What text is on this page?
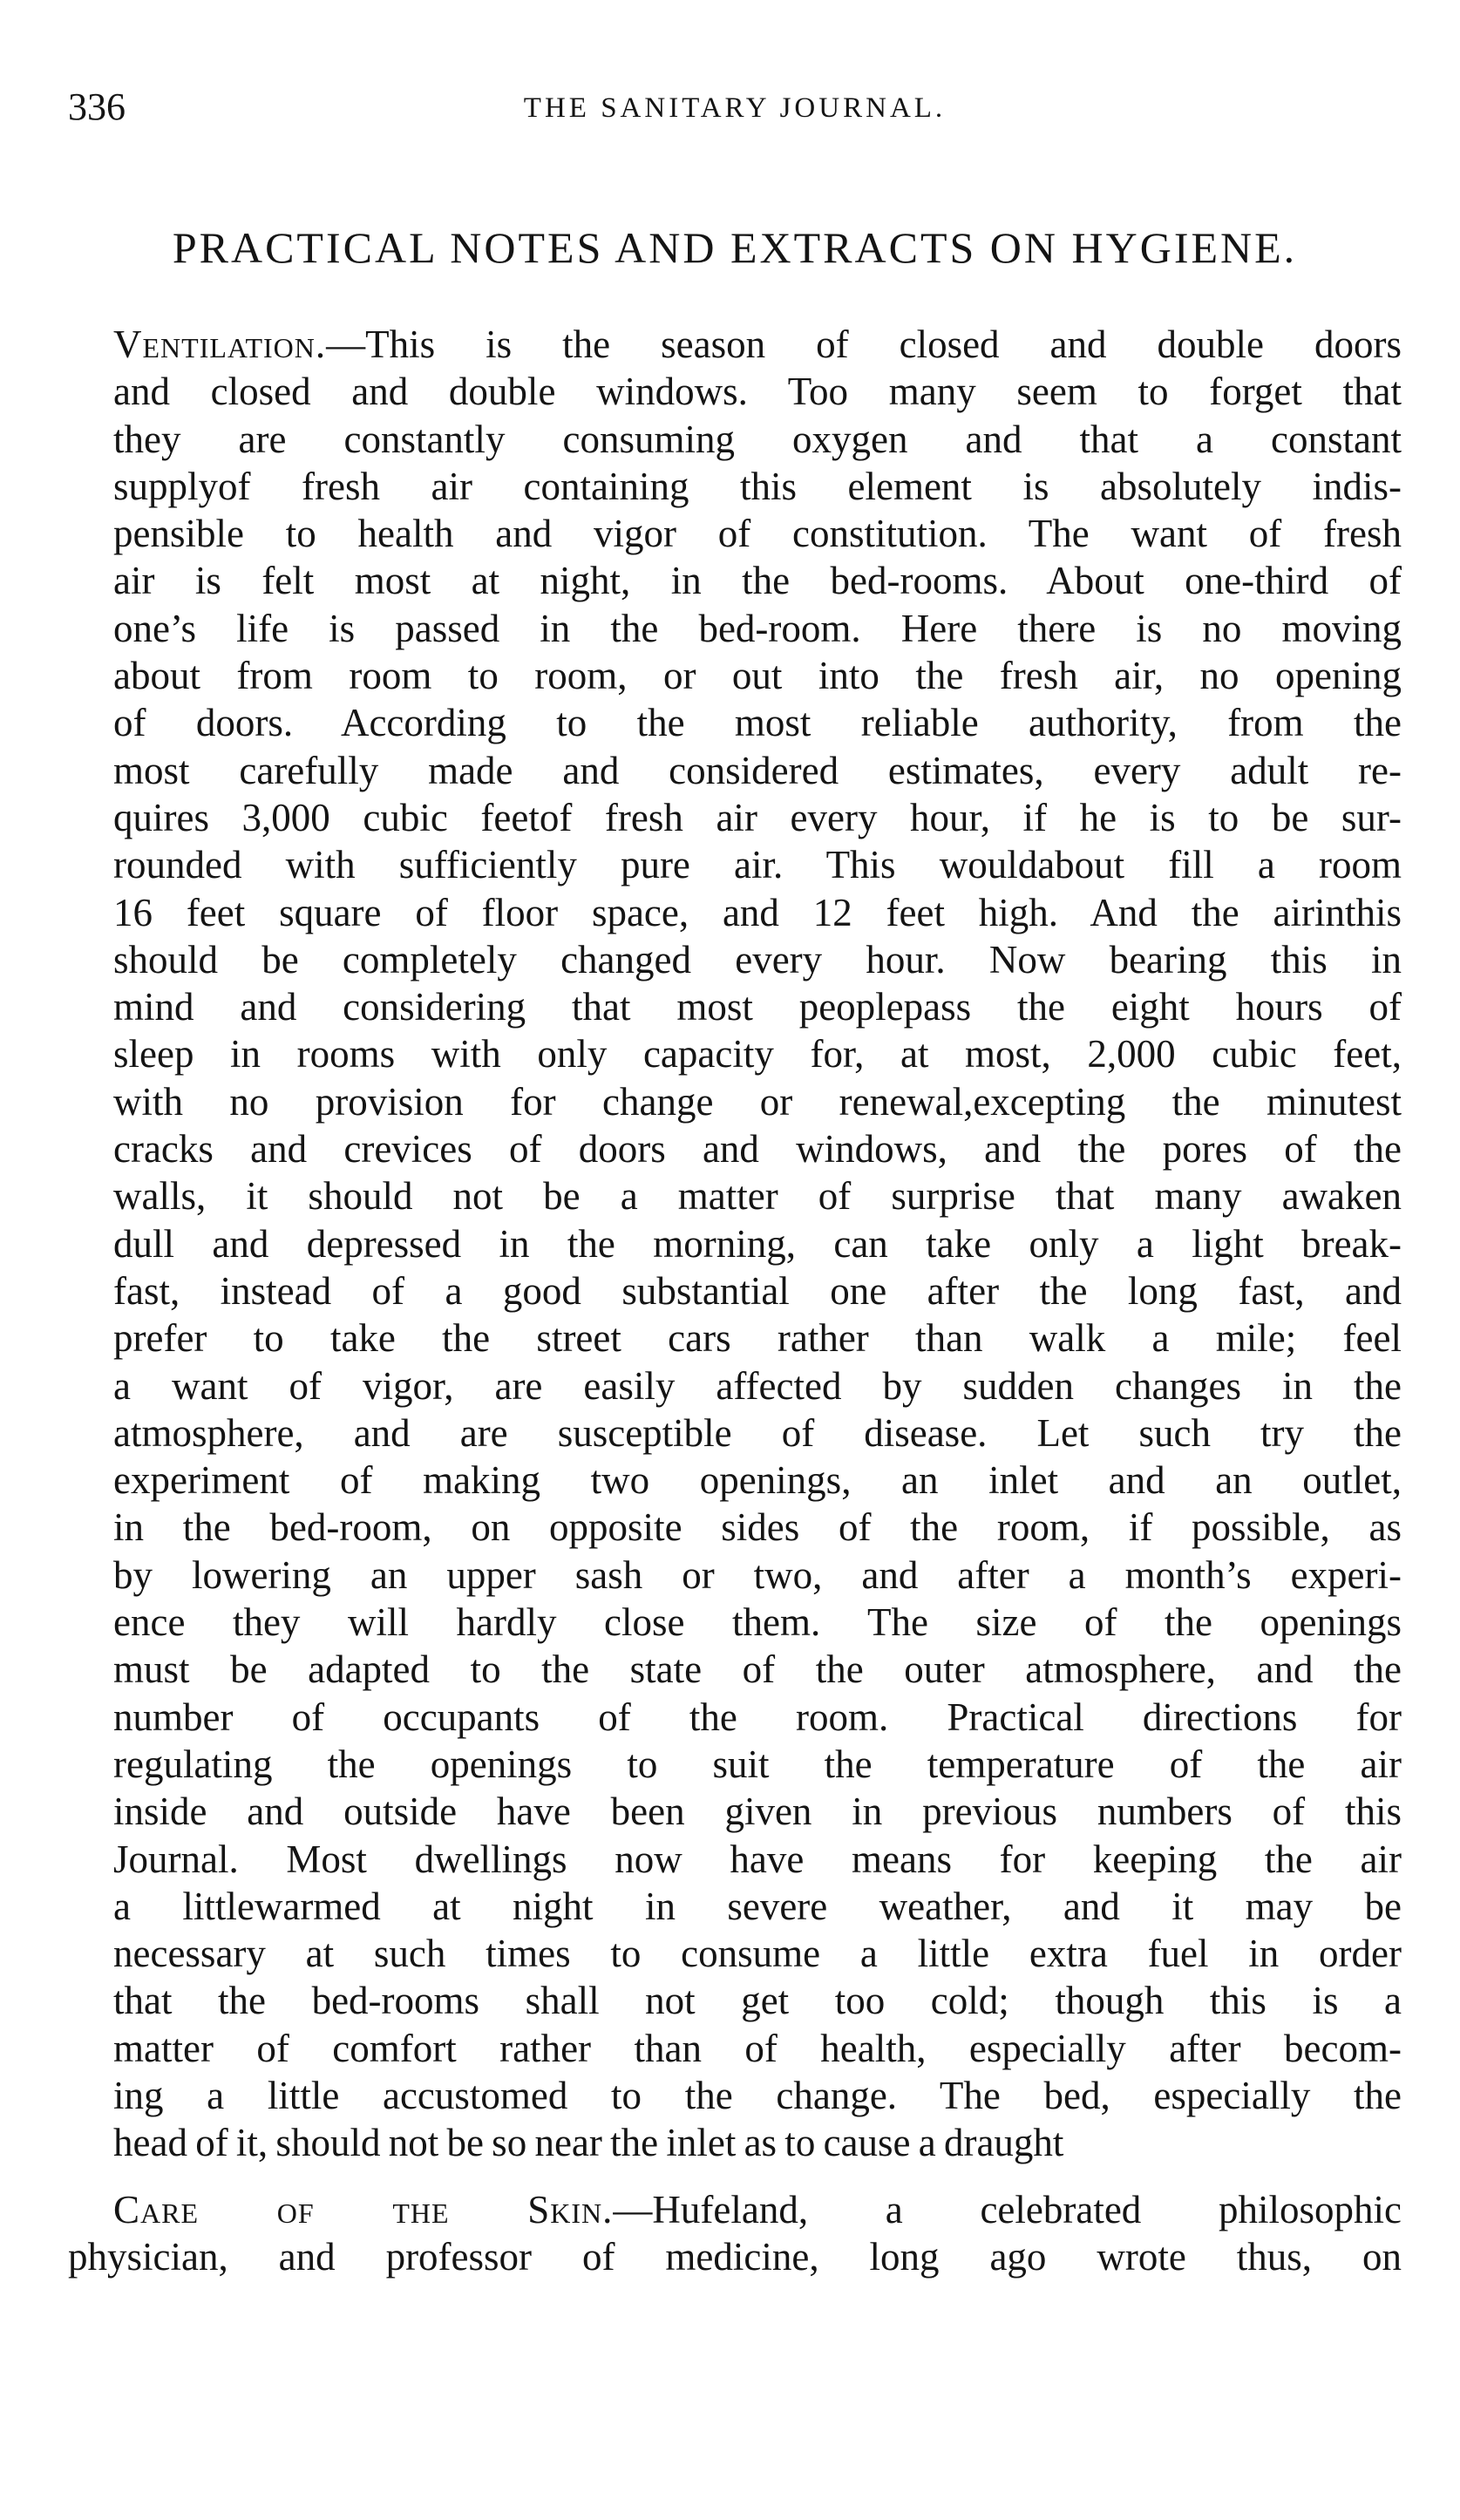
336	THE SANITARY JOURNAL.
PRACTICAL NOTES AND EXTRACTS ON HYGIENE.

Ventilation.—This is the season of closed and double doors
and closed and double windows. Too many seem to forget that
they are constantly consuming oxygen and that a constant
supplyof fresh air containing this element is absolutely indis-
pensible to health and vigor of constitution. The want of fresh
air is felt most at night, in the bed-rooms. About one-third of
one’s life is passed in the bed-room. Here there is no moving
about from room to room, or out into the fresh air, no opening
of doors. According to the most reliable authority, from the
most carefully made and considered estimates, every adult re-
quires 3,000 cubic feetof fresh air every hour, if he is to be sur-
rounded with sufficiently pure air. This wouldabout fill a room
16 feet square of floor space, and 12 feet high. And the airinthis
should be completely changed every hour. Now bearing this in
mind and considering that most peoplepass the eight hours of
sleep in rooms with only capacity for, at most, 2,000 cubic feet,
with no provision for change or renewal,excepting the minutest
cracks and crevices of doors and windows, and the pores of the
walls, it should not be a matter of surprise that many awaken
dull and depressed in the morning, can take only a light break-
fast, instead of a good substantial one after the long fast, and
prefer to take the street cars rather than walk a mile; feel
a want of vigor, are easily affected by sudden changes in the
atmosphere, and are susceptible of disease. Let such try the
experiment of making two openings, an inlet and an outlet,
in the bed-room, on opposite sides of the room, if possible, as
by lowering an upper sash or two, and after a month’s experi-
ence they will hardly close them. The size of the openings
must be adapted to the state of the outer atmosphere, and the
number of occupants of the room. Practical directions for
regulating the openings to suit the temperature of the air
inside and outside have been given in previous numbers of this
Journal. Most dwellings now have means for keeping the air
a littlewarmed at night in severe weather, and it may be
necessary at such times to consume a little extra fuel in order
that the bed-rooms shall not get too cold; though this is a
matter of comfort rather than of health, especially after becom-
ing a little accustomed to the change. The bed, especially the
head of it, should not be so near the inlet as to cause a draught

Care of the Skin.—Hufeland, a celebrated philosophic
physician, and professor of medicine, long ago wrote thus, on
